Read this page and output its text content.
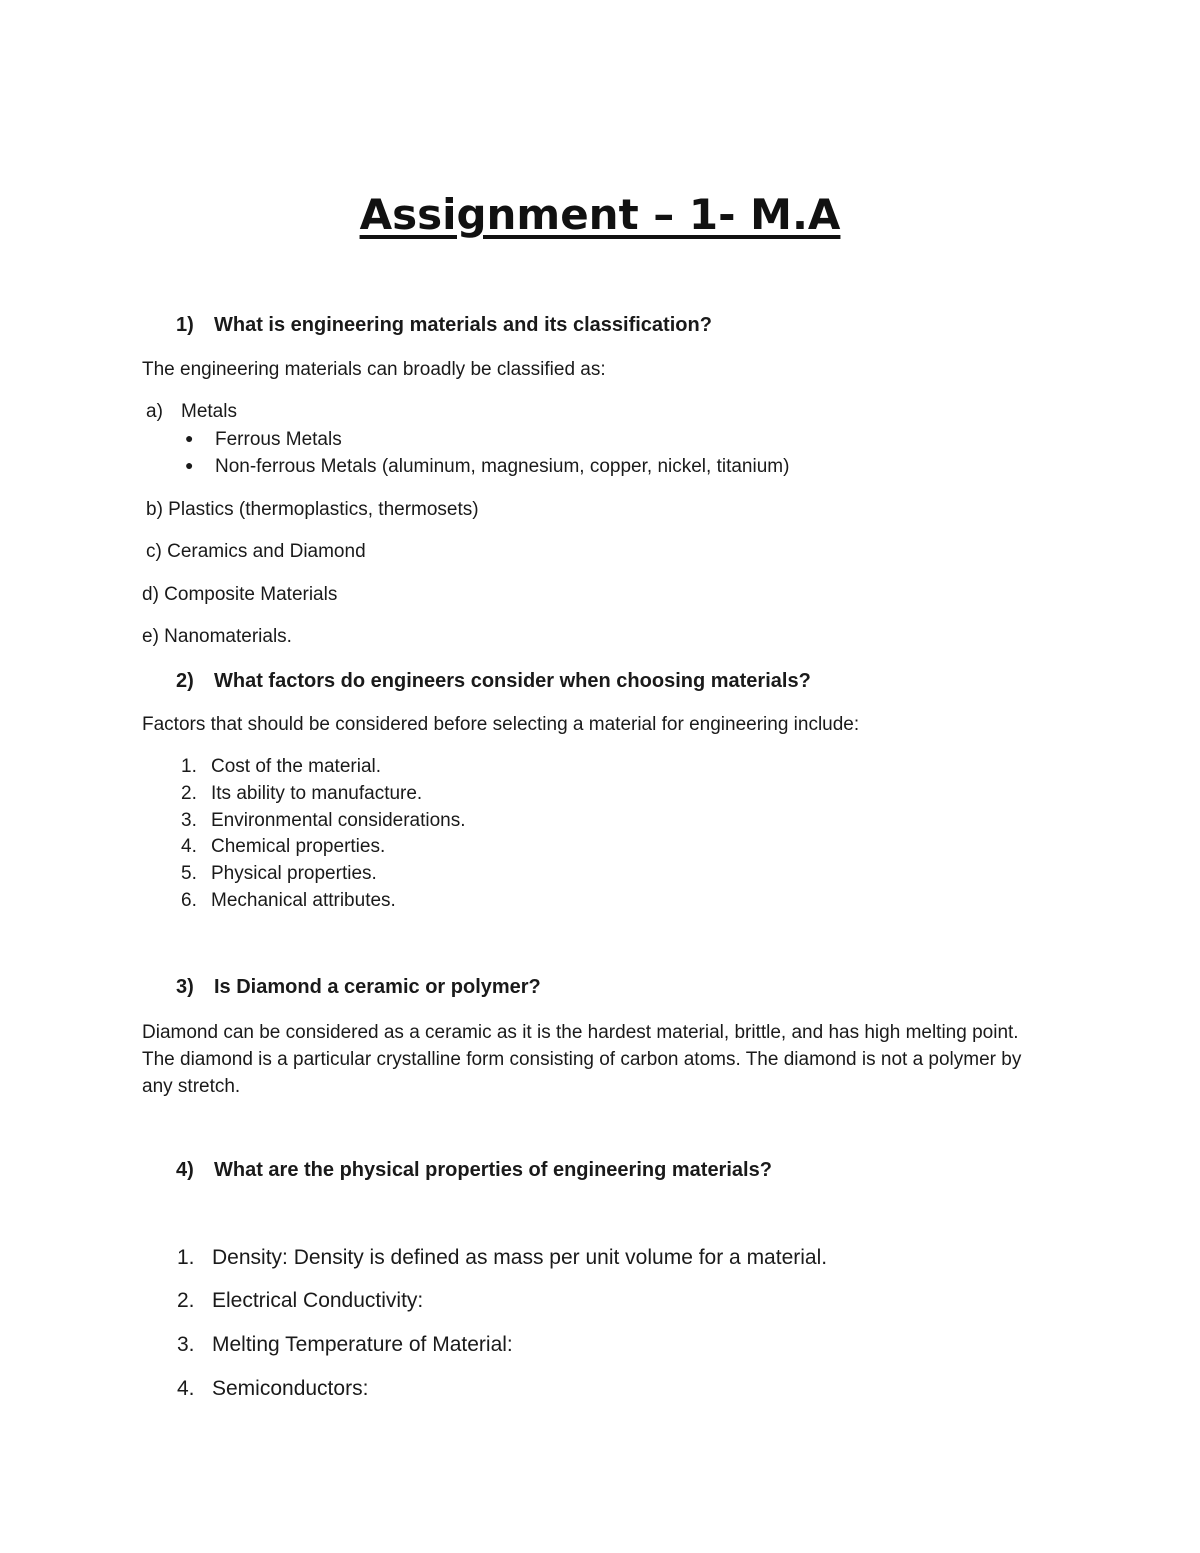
Assignment – 1- M.A
1) What is engineering materials and its classification?
The engineering materials can broadly be classified as:
a) Metals
● Ferrous Metals
● Non-ferrous Metals (aluminum, magnesium, copper, nickel, titanium)
b) Plastics (thermoplastics, thermosets)
c) Ceramics and Diamond
d) Composite Materials
e) Nanomaterials.
2) What factors do engineers consider when choosing materials?
Factors that should be considered before selecting a material for engineering include:
1. Cost of the material.
2. Its ability to manufacture.
3. Environmental considerations.
4. Chemical properties.
5. Physical properties.
6. Mechanical attributes.
3) Is Diamond a ceramic or polymer?
Diamond can be considered as a ceramic as it is the hardest material, brittle, and has high melting point. The diamond is a particular crystalline form consisting of carbon atoms. The diamond is not a polymer by any stretch.
4) What are the physical properties of engineering materials?
1. Density: Density is defined as mass per unit volume for a material.
2. Electrical Conductivity:
3. Melting Temperature of Material:
4. Semiconductors:
